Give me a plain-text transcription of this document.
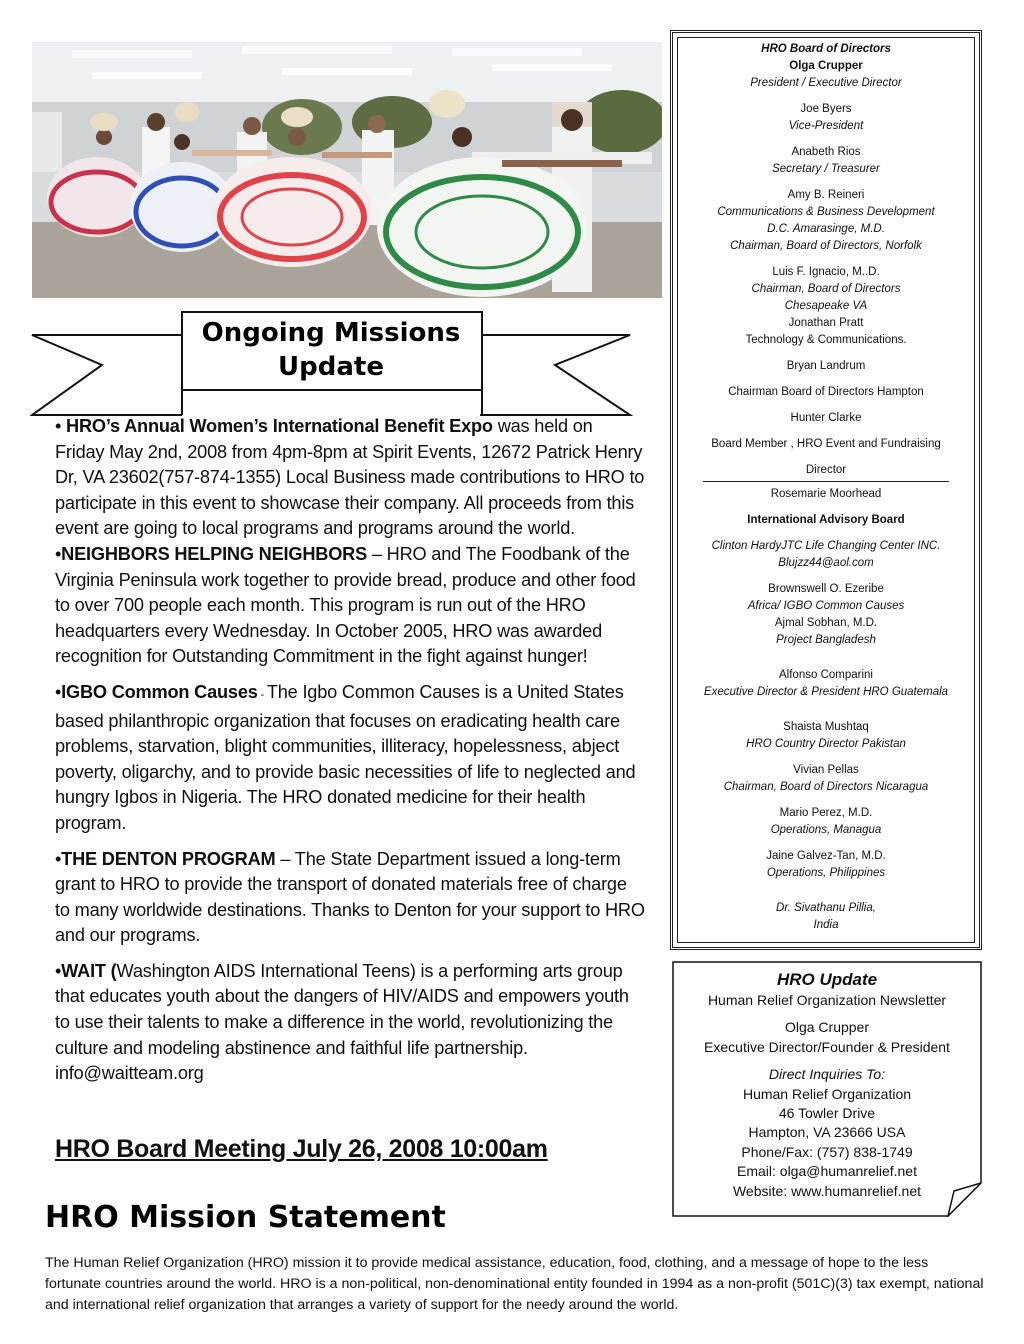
Ongoing Missions
Update

• HRO’s Annual Women’s International Benefit Expo was held on Friday May 2nd, 2008 from 4pm-8pm at Spirit Events, 12672 Patrick Henry Dr, VA 23602(757-874-1355) Local Business made contributions to HRO to participate in this event to showcase their company. All proceeds from this event are going to local programs and programs around the world.
•NEIGHBORS HELPING NEIGHBORS – HRO and The Foodbank of the Virginia Peninsula work together to provide bread, produce and other food to over 700 people each month. This program is run out of the HRO headquarters every Wednesday. In October 2005, HRO was awarded recognition for Outstanding Commitment in the fight against hunger!

•IGBO Common Causes - The Igbo Common Causes is a United States based philanthropic organization that focuses on eradicating health care problems, starvation, blight communities, illiteracy, hopelessness, abject poverty, oligarchy, and to provide basic necessities of life to neglected and hungry Igbos in Nigeria. The HRO donated medicine for their health program.

•THE DENTON PROGRAM – The State Department issued a long-term grant to HRO to provide the transport of donated materials free of charge to many worldwide destinations. Thanks to Denton for your support to HRO and our programs.

•WAIT (Washington AIDS International Teens) is a performing arts group that educates youth about the dangers of HIV/AIDS and empowers youth to use their talents to make a difference in the world, revolutionizing the culture and modeling abstinence and faithful life partnership. info@waitteam.org

HRO Board Meeting July 26, 2008 10:00am
HRO Mission Statement
The Human Relief Organization (HRO) mission it to provide medical assistance, education, food, clothing, and a message of hope to the less fortunate countries around the world. HRO is a non-political, non-denominational entity founded in 1994 as a non-profit (501C)(3) tax exempt, national and international relief organization that arranges a variety of support for the needy around the world.
HRO Board of Directors
Olga Crupper
President / Executive Director
Joe Byers
Vice-President
Anabeth Rios
Secretary / Treasurer
Amy B. Reineri
Communications & Business Development
D.C. Amarasinge, M.D.
Chairman, Board of Directors, Norfolk
Luis F. Ignacio, M..D.
Chairman, Board of Directors
Chesapeake VA
Jonathan Pratt
Technology & Communications.
Bryan Landrum
Chairman Board of Directors Hampton
Hunter Clarke
Board Member , HRO Event and Fundraising
Director
Rosemarie Moorhead
International Advisory Board
Clinton HardyJTC Life Changing Center INC.
Blujzz44@aol.com
Brownswell O. Ezeribe
Africa/ IGBO Common Causes
Ajmal Sobhan, M.D.
Project Bangladesh
Alfonso Comparini
Executive Director & President HRO Guatemala
Shaista Mushtaq
HRO Country Director Pakistan
Vivian Pellas
Chairman, Board of Directors Nicaragua
Mario Perez, M.D.
Operations, Managua
Jaine Galvez-Tan, M.D.
Operations, Philippines
Dr. Sivathanu Pillia,
India
HRO Update
Human Relief Organization Newsletter
Olga Crupper
Executive Director/Founder & President
Direct Inquiries To:
Human Relief Organization
46 Towler Drive
Hampton, VA 23666 USA
Phone/Fax: (757) 838-1749
Email: olga@humanrelief.net
Website: www.humanrelief.net
